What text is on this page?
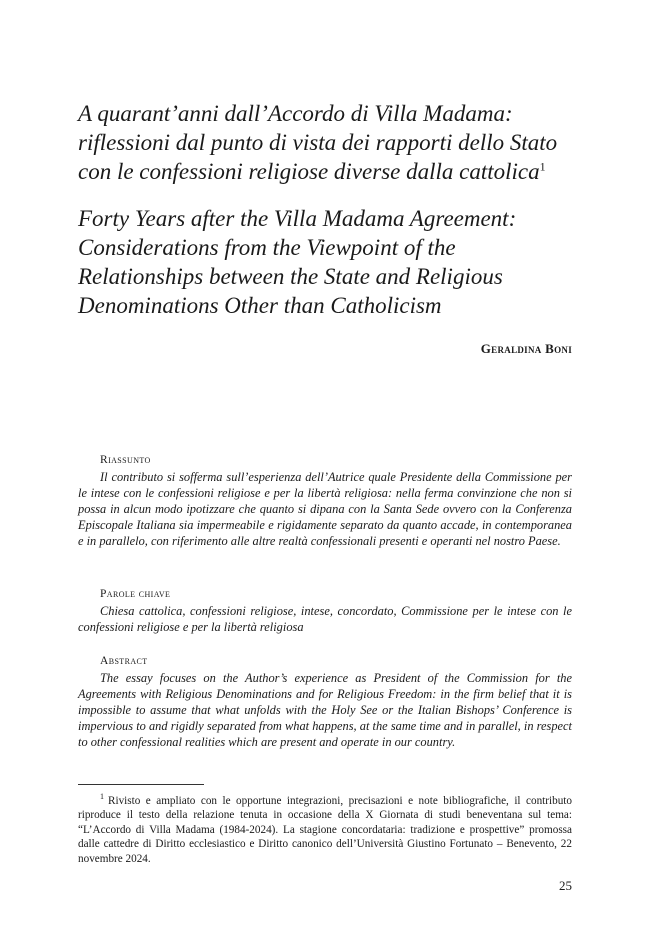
A quarant’anni dall’Accordo di Villa Madama: riflessioni dal punto di vista dei rapporti dello Stato con le confessioni religiose diverse dalla cattolica$^1$
Forty Years after the Villa Madama Agreement: Considerations from the Viewpoint of the Relationships between the State and Religious Denominations Other than Catholicism
Geraldina Boni

Riassunto

Il contributo si sofferma sull’esperienza dell’Autrice quale Presidente della Commissione per le intese con le confessioni religiose e per la libertà religiosa: nella ferma convinzione che non si possa in alcun modo ipotizzare che quanto si dipana con la Santa Sede ovvero con la Conferenza Episcopale Italiana sia impermeabile e rigidamente separato da quanto accade, in contemporanea e in parallelo, con riferimento alle altre realtà confessionali presenti e operanti nel nostro Paese.

Parole chiave

Chiesa cattolica, confessioni religiose, intese, concordato, Commissione per le intese con le confessioni religiose e per la libertà religiosa

Abstract

The essay focuses on the Author’s experience as President of the Commission for the Agreements with Religious Denominations and for Religious Freedom: in the firm belief that it is impossible to assume that what unfolds with the Holy See or the Italian Bishops’ Conference is impervious to and rigidly separated from what happens, at the same time and in parallel, in respect to other confessional realities which are present and operate in our country.

$^1$ Rivisto e ampliato con le opportune integrazioni, precisazioni e note bibliografiche, il contributo riproduce il testo della relazione tenuta in occasione della X Giornata di studi beneventana sul tema: “L’Accordo di Villa Madama (1984-2024). La stagione concordataria: tradizione e prospettive” promossa dalle cattedre di Diritto ecclesiastico e Diritto canonico dell’Università Giustino Fortunato – Benevento, 22 novembre 2024.

25
